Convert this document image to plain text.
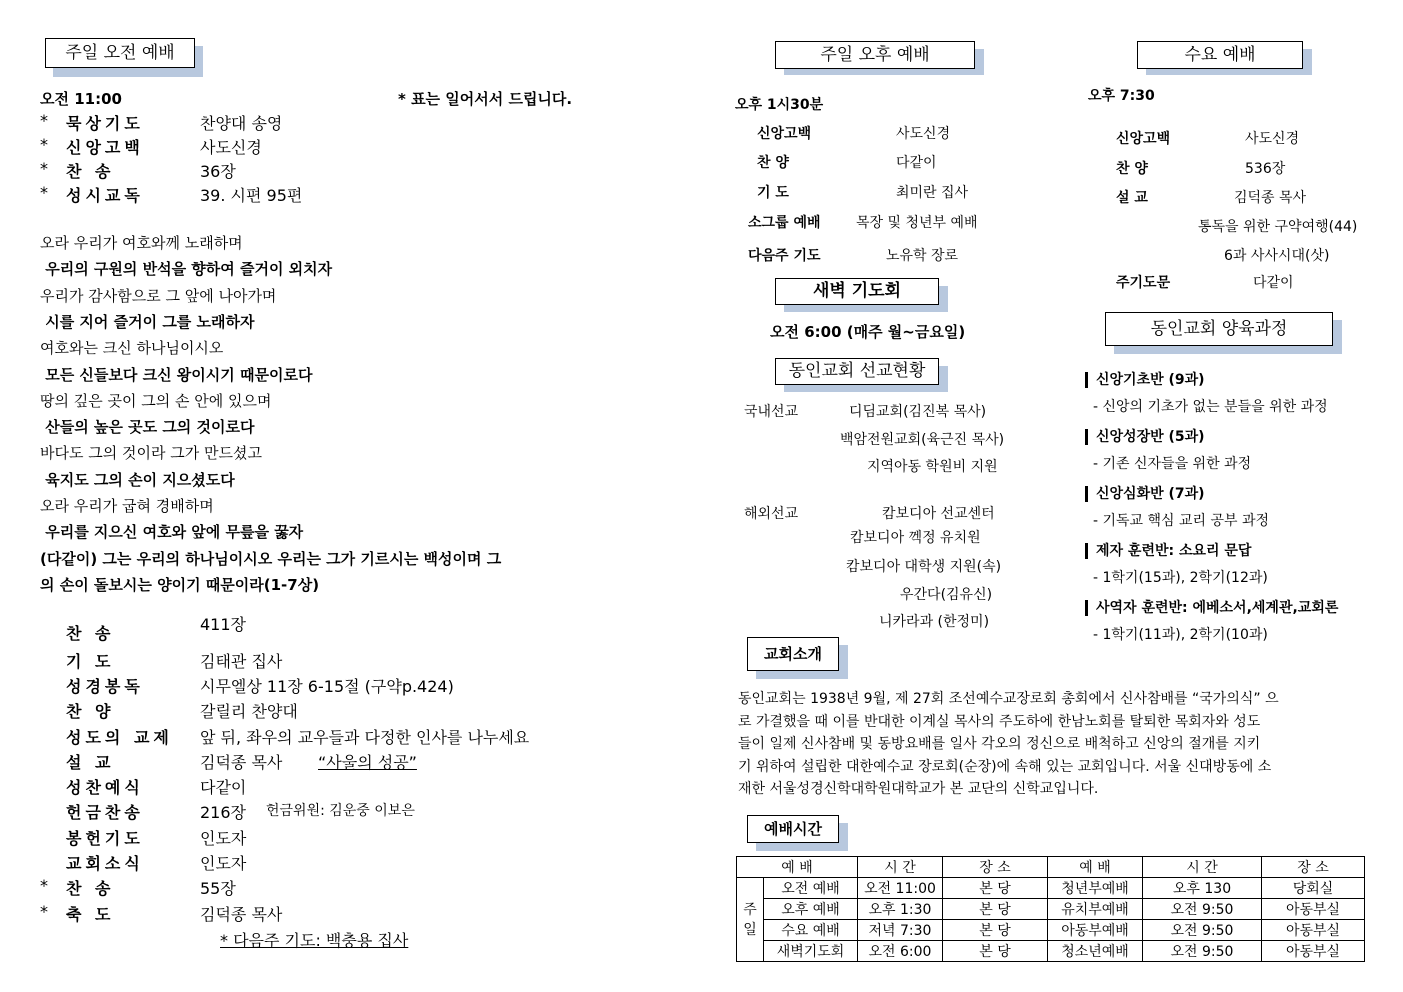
주일 오전 예배
오전 11:00	* 표는 일어서서 드립니다.
* 묵상기도	찬양대 송영
* 신앙고백	사도신경
* 찬 송	36장
* 성시교독	39. 시편 95편
오라 우리가 여호와께 노래하며
우리의 구원의 반석을 향하여 즐거이 외치자
우리가 감사함으로 그 앞에 나아가며
시를 지어 즐거이 그를 노래하자
여호와는 크신 하나님이시오
모든 신들보다 크신 왕이시기 때문이로다
땅의 깊은 곳이 그의 손 안에 있으며
산들의 높은 곳도 그의 것이로다
바다도 그의 것이라 그가 만드셨고
육지도 그의 손이 지으셨도다
오라 우리가 굽혀 경배하며
우리를 지으신 여호와 앞에 무릎을 꿇자
(다같이) 그는 우리의 하나님이시오 우리는 그가 기르시는 백성이며 그
의 손이 돌보시는 양이기 때문이라(1-7상)
찬 송	411장
기 도	김태관 집사
성경봉독	시무엘상 11장 6-15절 (구약p.424)
찬 양	갈릴리 찬양대
성도의 교제 앞 뒤, 좌우의 교우들과 다정한 인사를 나누세요
설 교	김덕종 목사
성찬예식	다같이
헌금찬송	216장
봉헌기도	인도자
교회소식	인도자
* 찬 송	55장
* 축 도	김덕종 목사
“사울의 성공”
헌금위원: 김운중 이보은
* 다음주 기도: 백충용 집사
주일 오후 예배
오후 1시30분
신앙고백	사도신경
찬 양	다같이
기 도	최미란 집사
소그룹 예배	목장 및 청년부 예배
다음주 기도	노유학 장로
새벽 기도회
오전 6:00 (매주 월~금요일)
동인교회 선교현황
국내선교	디딤교회(김진복 목사)
백암전원교회(육근진 목사)
지역아동 학원비 지원
해외선교	캄보디아 선교센터
캄보디아 껙정 유치원
캄보디아 대학생 지원(속)
우간다(김유신)
니카라과 (한정미)
수요 예배
오후 7:30
신앙고백	사도신경
찬 양	536장
설 교	김덕종 목사
통독을 위한 구약여행(44)
6과 사사시대(삿)
주기도문	다같이
동인교회 양육과정
신앙기초반 (9과)
- 신앙의 기초가 없는 분들을 위한 과정
신앙성장반 (5과)
- 기존 신자들을 위한 과정
신앙심화반 (7과)
- 기독교 핵심 교리 공부 과정
제자 훈련반: 소요리 문답
- 1학기(15과), 2학기(12과)
사역자 훈련반: 에베소서,세계관,교회론
- 1학기(11과), 2학기(10과)
교회소개
동인교회는 1938년 9월, 제 27회 조선예수교장로회 총회에서 신사참배를 “국가의식” 으
로 가결했을 때 이를 반대한 이계실 목사의 주도하에 한남노회를 탈퇴한 목회자와 성도
들이 일제 신사참배 및 동방요배를 일사 각오의 정신으로 배척하고 신앙의 절개를 지키
기 위하여 설립한 대한예수교 장로회(순장)에 속해 있는 교회입니다. 서울 신대방동에 소
재한 서울성경신학대학원대학교가 본 교단의 신학교입니다.
예배시간
예 배		시 간	장 소	예 배	시 간	장 소
주일	오전 예배	오전 11:00	본 당	청년부예배	오후 130	당회실
	오후 예배	오후 1:30	본 당	유치부예배	오전 9:50	아동부실
	수요 예배	저녁 7:30	본 당	아동부예배	오전 9:50	아동부실
	새벽기도회	오전 6:00	본 당	청소년예배	오전 9:50	아동부실
